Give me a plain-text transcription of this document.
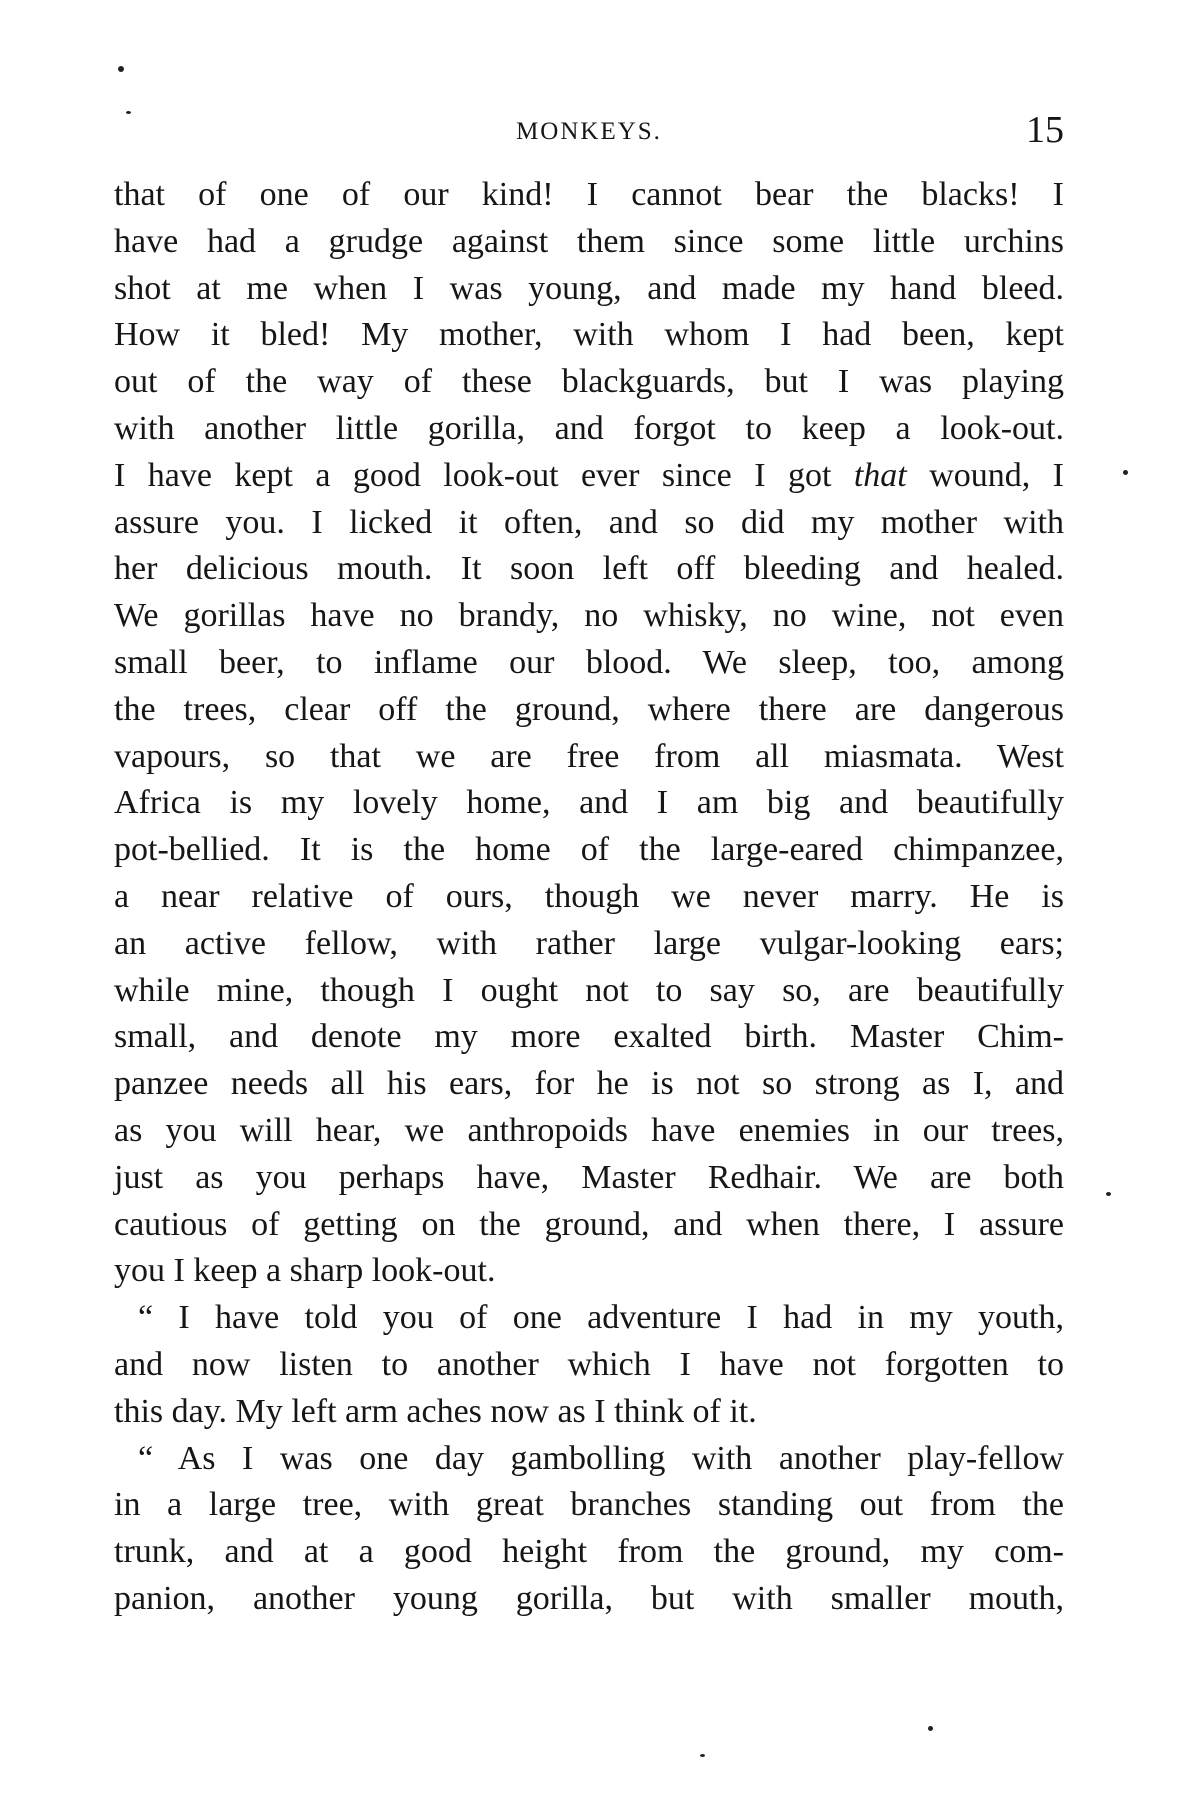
MONKEYS.	15
that of one of our kind! I cannot bear the blacks! I
have had a grudge against them since some little urchins
shot at me when I was young, and made my hand bleed.
How it bled! My mother, with whom I had been, kept
out of the way of these blackguards, but I was playing
with another little gorilla, and forgot to keep a look-out.
I have kept a good look-out ever since I got that wound, I
assure you. I licked it often, and so did my mother with
her delicious mouth. It soon left off bleeding and healed.
We gorillas have no brandy, no whisky, no wine, not even
small beer, to inflame our blood. We sleep, too, among
the trees, clear off the ground, where there are dangerous
vapours, so that we are free from all miasmata. West
Africa is my lovely home, and I am big and beautifully
pot-bellied. It is the home of the large-eared chimpanzee,
a near relative of ours, though we never marry. He is
an active fellow, with rather large vulgar-looking ears;
while mine, though I ought not to say so, are beautifully
small, and denote my more exalted birth. Master Chim-
panzee needs all his ears, for he is not so strong as I, and
as you will hear, we anthropoids have enemies in our trees,
just as you perhaps have, Master Redhair. We are both
cautious of getting on the ground, and when there, I assure
you I keep a sharp look-out.
“ I have told you of one adventure I had in my youth,
and now listen to another which I have not forgotten to
this day. My left arm aches now as I think of it.
“ As I was one day gambolling with another play-fellow
in a large tree, with great branches standing out from the
trunk, and at a good height from the ground, my com-
panion, another young gorilla, but with smaller mouth,
